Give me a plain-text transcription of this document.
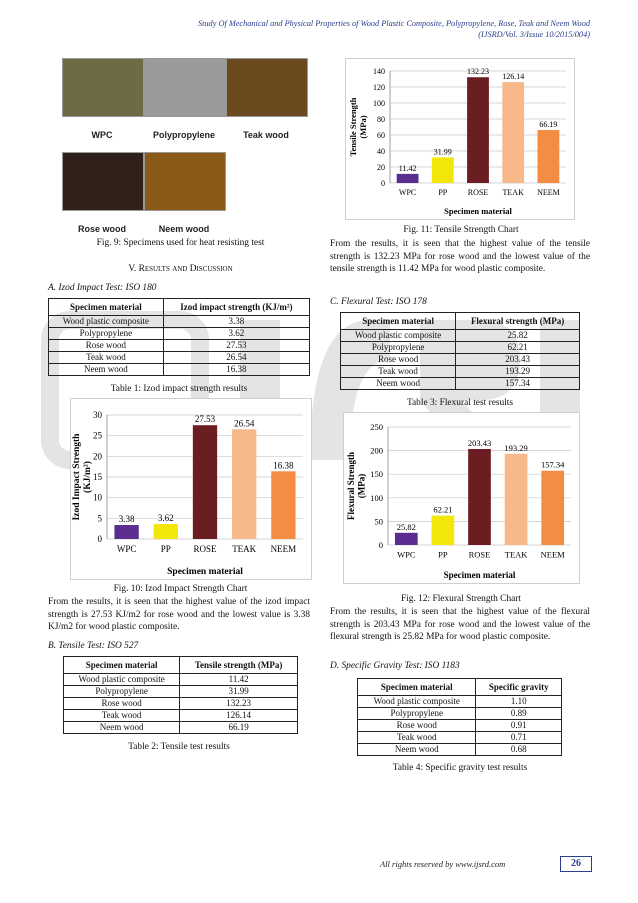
Study Of Mechanical and Physical Properties of Wood Plastic Composite, Polypropylene, Rose, Teak and Neem Wood
(IJSRD/Vol. 3/Issue 10/2015/004)
WPC	Polypropylene	Teak wood
Rose wood	Neem wood
Fig. 9: Specimens used for heat resisting test
V. Results and Discussion
A. Izod Impact Test: ISO 180
Specimen material	Izod impact strength (KJ/m²)
Wood plastic composite	3.38
Polypropylene	3.62
Rose wood	27.53
Teak wood	26.54
Neem wood	16.38
Table 1: Izod impact strength results
0
5
10
15
20
25
30
Izod Impact Strength (KJ/m²)
3.38
WPC
3.62
PP
27.53
ROSE
26.54
TEAK
16.38
NEEM
Specimen material
Fig. 10: Izod Impact Strength Chart
From the results, it is seen that the highest value of the izod impact strength is 27.53 KJ/m2 for rose wood and the lowest value is 3.38 KJ/m2 for wood plastic composite.
B. Tensile Test: ISO 527
Specimen material	Tensile strength (MPa)
Wood plastic composite	11.42
Polypropylene	31.99
Rose wood	132.23
Teak wood	126.14
Neem wood	66.19
Table 2: Tensile test results
0
20
40
60
80
100
120
140
Tensile Strength (MPa)
11.42
WPC
31.99
PP
132.23
ROSE
126.14
TEAK
66.19
NEEM
Specimen material
Fig. 11: Tensile Strength Chart
From the results, it is seen that the highest value of the tensile strength is 132.23 MPa for rose wood and the lowest value of the tensile strength is 11.42 MPa for wood plastic composite.
C. Flexural Test: ISO 178
Specimen material	Flexural strength (MPa)
Wood plastic composite	25.82
Polypropylene	62.21
Rose wood	203.43
Teak wood	193.29
Neem wood	157.34
Table 3: Flexural test results
0
50
100
150
200
250
Flexural Strength (MPa)
25.82
WPC
62.21
PP
203.43
ROSE
193.29
TEAK
157.34
NEEM
Specimen material
Fig. 12: Flexural Strength Chart
From the results, it is seen that the highest value of the flexural strength is 203.43 MPa for rose wood and the lowest value of the flexural strength is 25.82 MPa for wood plastic composite.
D. Specific Gravity Test: ISO 1183
Specimen material	Specific gravity
Wood plastic composite	1.10
Polypropylene	0.89
Rose wood	0.91
Teak wood	0.71
Neem wood	0.68
Table 4: Specific gravity test results
All rights reserved by www.ijsrd.com	26
